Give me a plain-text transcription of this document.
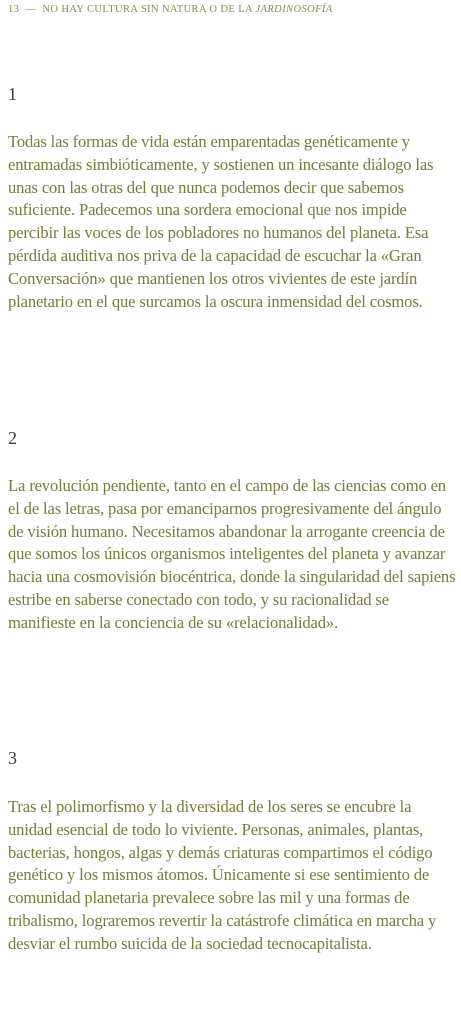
13 — NO HAY CULTURA SIN NATURA O DE LA JARDINOSOFÍA
1
Todas las formas de vida están emparentadas genéticamente y entramadas simbióticamente, y sostienen un incesante diálogo las unas con las otras del que nunca podemos decir que sabemos suficiente. Padecemos una sordera emocional que nos impide percibir las voces de los pobladores no humanos del planeta. Esa pérdida auditiva nos priva de la capacidad de escuchar la «Gran Conversación» que mantienen los otros vivientes de este jardín planetario en el que surcamos la oscura inmensidad del cosmos.
2
La revolución pendiente, tanto en el campo de las ciencias como en el de las letras, pasa por emanciparnos progresivamente del ángulo de visión humano. Necesitamos abandonar la arrogante creencia de que somos los únicos organismos inteligentes del planeta y avanzar hacia una cosmovisión biocéntrica, donde la singularidad del sapiens estribe en saberse conectado con todo, y su racionalidad se manifieste en la conciencia de su «relacionalidad».
3
Tras el polimorfismo y la diversidad de los seres se encubre la unidad esencial de todo lo viviente. Personas, animales, plantas, bacterias, hongos, algas y demás criaturas compartimos el código genético y los mismos átomos. Únicamente si ese sentimiento de comunidad planetaria prevalece sobre las mil y una formas de tribalismo, lograremos revertir la catástrofe climática en marcha y desviar el rumbo suicida de la sociedad tecnocapitalista.
